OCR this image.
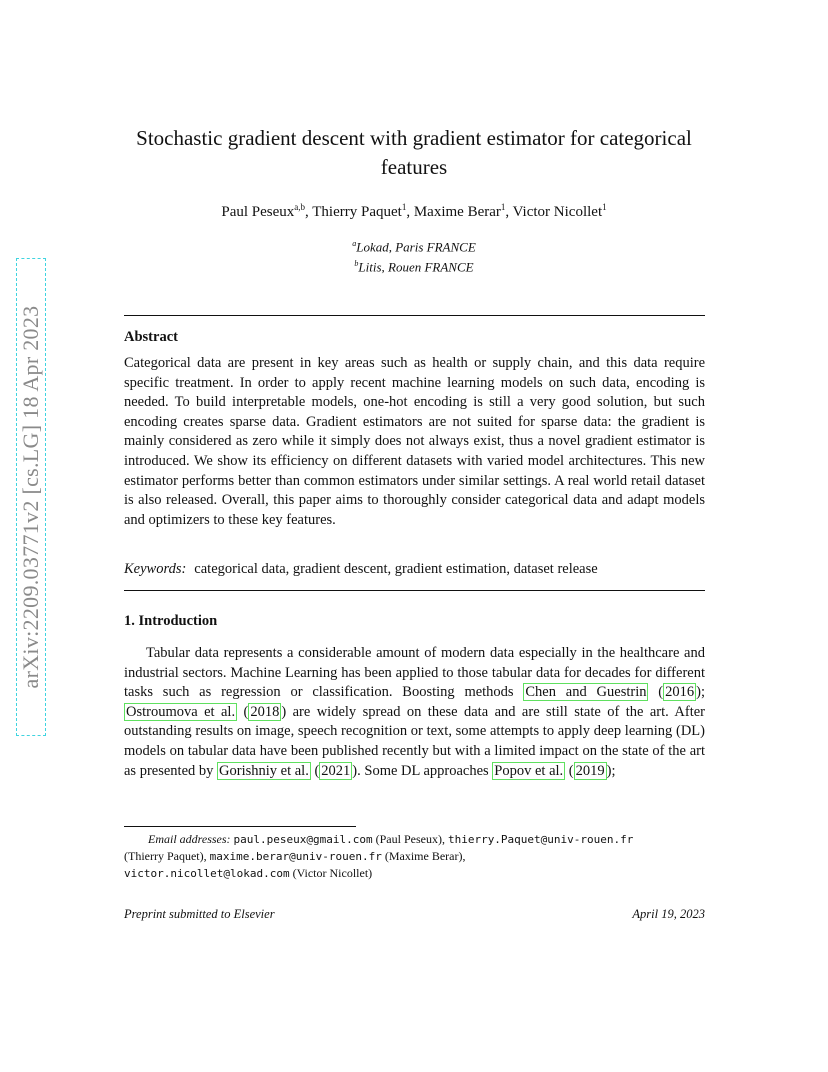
arXiv:2209.03771v2 [cs.LG] 18 Apr 2023
Stochastic gradient descent with gradient estimator for categorical features
Paul Peseux$^{a,b}$, Thierry Paquet$^1$, Maxime Berar$^1$, Victor Nicollet$^1$
$^a$Lokad, Paris FRANCE
$^b$Litis, Rouen FRANCE
Abstract
Categorical data are present in key areas such as health or supply chain, and this data require specific treatment. In order to apply recent machine learning models on such data, encoding is needed. To build interpretable models, one-hot encoding is still a very good solution, but such encoding creates sparse data. Gradient estimators are not suited for sparse data: the gradient is mainly considered as zero while it simply does not always exist, thus a novel gradient estimator is introduced. We show its efficiency on different datasets with varied model architectures. This new estimator performs better than common estimators under similar settings. A real world retail dataset is also released. Overall, this paper aims to thoroughly consider categorical data and adapt models and optimizers to these key features.
Keywords: categorical data, gradient descent, gradient estimation, dataset release
1. Introduction
Tabular data represents a considerable amount of modern data especially in the healthcare and industrial sectors. Machine Learning has been applied to those tabular data for decades for different tasks such as regression or classification. Boosting methods Chen and Guestrin ( 2016 ); Ostroumova et al. ( 2018 ) are widely spread on these data and are still state of the art. After outstanding results on image, speech recognition or text, some attempts to apply deep learning (DL) models on tabular data have been published recently but with a limited impact on the state of the art as presented by Gorishniy et al. ( 2021 ). Some DL approaches Popov et al. ( 2019 );
Email addresses: paul.peseux@gmail.com (Paul Peseux), thierry.Paquet@univ-rouen.fr
(Thierry Paquet), maxime.berar@univ-rouen.fr (Maxime Berar),
victor.nicollet@lokad.com (Victor Nicollet)
Preprint submitted to Elsevier	April 19, 2023
